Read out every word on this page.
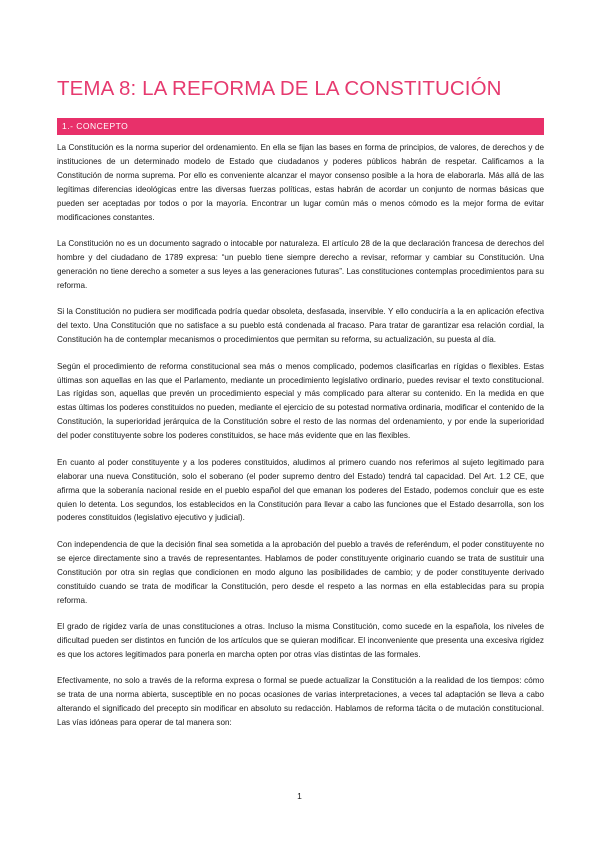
TEMA 8: LA REFORMA DE LA CONSTITUCIÓN
1.- CONCEPTO

La Constitución es la norma superior del ordenamiento. En ella se fijan las bases en forma de principios, de valores, de derechos y de instituciones de un determinado modelo de Estado que ciudadanos y poderes públicos habrán de respetar. Calificamos a la Constitución de norma suprema. Por ello es conveniente alcanzar el mayor consenso posible a la hora de elaborarla. Más allá de las legítimas diferencias ideológicas entre las diversas fuerzas políticas, estas habrán de acordar un conjunto de normas básicas que pueden ser aceptadas por todos o por la mayoría. Encontrar un lugar común más o menos cómodo es la mejor forma de evitar modificaciones constantes.

La Constitución no es un documento sagrado o intocable por naturaleza. El artículo 28 de la que declaración francesa de derechos del hombre y del ciudadano de 1789 expresa: “un pueblo tiene siempre derecho a revisar, reformar y cambiar su Constitución. Una generación no tiene derecho a someter a sus leyes a las generaciones futuras”. Las constituciones contemplas procedimientos para su reforma.

Si la Constitución no pudiera ser modificada podría quedar obsoleta, desfasada, inservible. Y ello conduciría a la en aplicación efectiva del texto. Una Constitución que no satisface a su pueblo está condenada al fracaso. Para tratar de garantizar esa relación cordial, la Constitución ha de contemplar mecanismos o procedimientos que permitan su reforma, su actualización, su puesta al día.

Según el procedimiento de reforma constitucional sea más o menos complicado, podemos clasificarlas en rígidas o flexibles. Estas últimas son aquellas en las que el Parlamento, mediante un procedimiento legislativo ordinario, puedes revisar el texto constitucional. Las rígidas son, aquellas que prevén un procedimiento especial y más complicado para alterar su contenido. En la medida en que estas últimas los poderes constituidos no pueden, mediante el ejercicio de su potestad normativa ordinaria, modificar el contenido de la Constitución, la superioridad jerárquica de la Constitución sobre el resto de las normas del ordenamiento, y por ende la superioridad del poder constituyente sobre los poderes constituidos, se hace más evidente que en las flexibles.

En cuanto al poder constituyente y a los poderes constituidos, aludimos al primero cuando nos referimos al sujeto legitimado para elaborar una nueva Constitución, solo el soberano (el poder supremo dentro del Estado) tendrá tal capacidad. Del Art. 1.2 CE, que afirma que la soberanía nacional reside en el pueblo español del que emanan los poderes del Estado, podemos concluir que es este quien lo detenta. Los segundos, los establecidos en la Constitución para llevar a cabo las funciones que el Estado desarrolla, son los poderes constituidos (legislativo ejecutivo y judicial).

Con independencia de que la decisión final sea sometida a la aprobación del pueblo a través de referéndum, el poder constituyente no se ejerce directamente sino a través de representantes. Hablamos de poder constituyente originario cuando se trata de sustituir una Constitución por otra sin reglas que condicionen en modo alguno las posibilidades de cambio; y de poder constituyente derivado constituido cuando se trata de modificar la Constitución, pero desde el respeto a las normas en ella establecidas para su propia reforma.

El grado de rigidez varía de unas constituciones a otras. Incluso la misma Constitución, como sucede en la española, los niveles de dificultad pueden ser distintos en función de los artículos que se quieran modificar. El inconveniente que presenta una excesiva rigidez es que los actores legitimados para ponerla en marcha opten por otras vías distintas de las formales.

Efectivamente, no solo a través de la reforma expresa o formal se puede actualizar la Constitución a la realidad de los tiempos: cómo se trata de una norma abierta, susceptible en no pocas ocasiones de varias interpretaciones, a veces tal adaptación se lleva a cabo alterando el significado del precepto sin modificar en absoluto su redacción. Hablamos de reforma tácita o de mutación constitucional. Las vías idóneas para operar de tal manera son:

1
